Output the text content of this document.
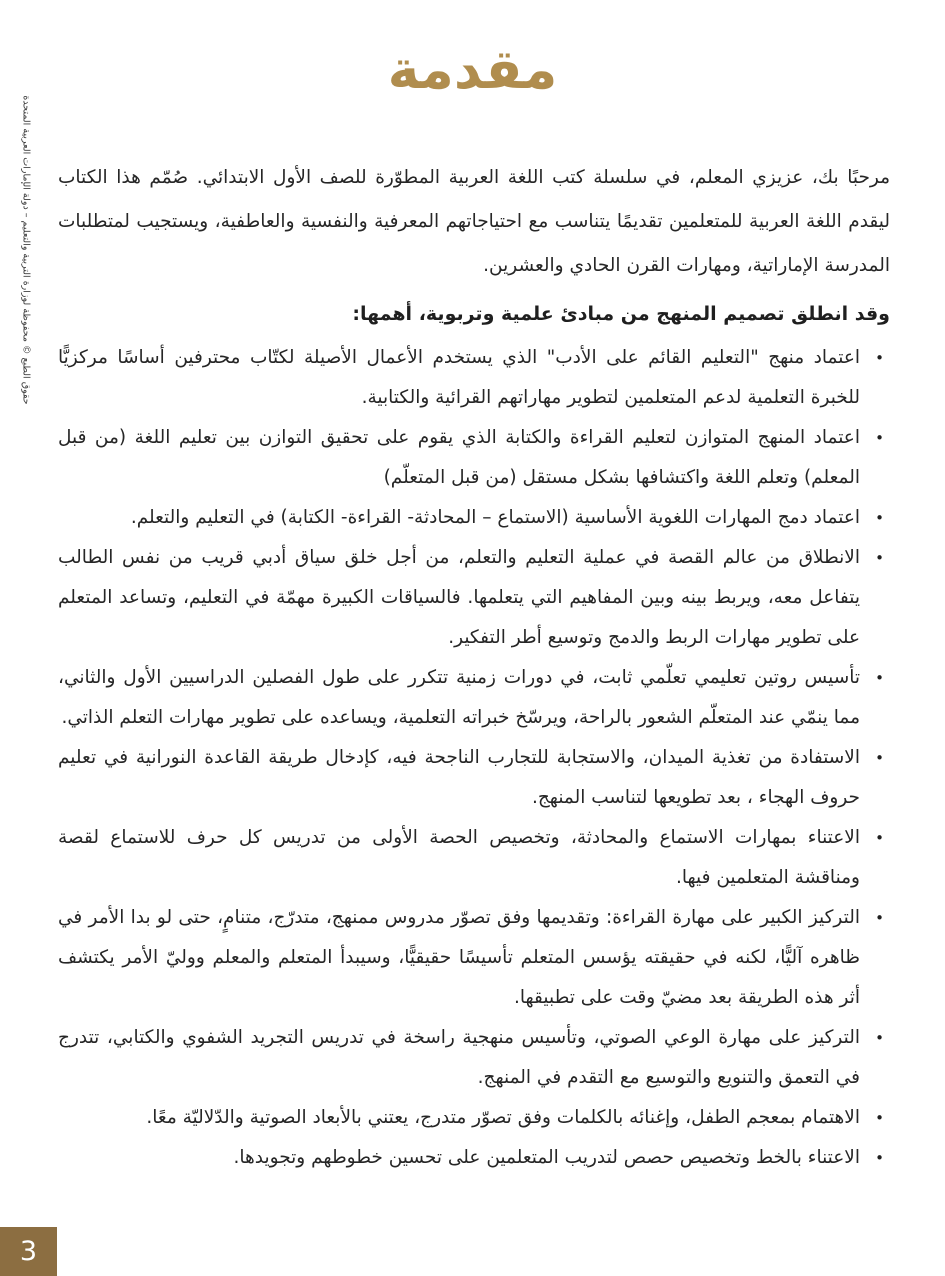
حقوق الطبع © محفوظة لوزارة التربية والتعليم – دولة الإمارات العربية المتحدة
مقدمة

مرحبًا بك، عزيزي المعلم، في سلسلة كتب اللغة العربية المطوّرة للصف الأول الابتدائي. صُمّم هذا الكتاب ليقدم اللغة العربية للمتعلمين تقديمًا يتناسب مع احتياجاتهم المعرفية والنفسية والعاطفية، ويستجيب لمتطلبات المدرسة الإماراتية، ومهارات القرن الحادي والعشرين.

وقد انطلق تصميم المنهج من مبادئ علمية وتربوية، أهمها:

• اعتماد منهج "التعليم القائم على الأدب" الذي يستخدم الأعمال الأصيلة لكتّاب محترفين أساسًا مركزيًّا للخبرة التعلمية لدعم المتعلمين لتطوير مهاراتهم القرائية والكتابية.
• اعتماد المنهج المتوازن لتعليم القراءة والكتابة الذي يقوم على تحقيق التوازن بين تعليم اللغة (من قبل المعلم) وتعلم اللغة واكتشافها بشكل مستقل (من قبل المتعلّم)
• اعتماد دمج المهارات اللغوية الأساسية (الاستماع – المحادثة- القراءة- الكتابة) في التعليم والتعلم.
• الانطلاق من عالم القصة في عملية التعليم والتعلم، من أجل خلق سياق أدبي قريب من نفس الطالب يتفاعل معه، ويربط بينه وبين المفاهيم التي يتعلمها. فالسياقات الكبيرة مهمّة في التعليم، وتساعد المتعلم على تطوير مهارات الربط والدمج وتوسيع أطر التفكير.
• تأسيس روتين تعليمي تعلّمي ثابت، في دورات زمنية تتكرر على طول الفصلين الدراسيين الأول والثاني، مما ينمّي عند المتعلّم الشعور بالراحة، ويرسّخ خبراته التعلمية، ويساعده على تطوير مهارات التعلم الذاتي.
• الاستفادة من تغذية الميدان، والاستجابة للتجارب الناجحة فيه، كإدخال طريقة القاعدة النورانية في تعليم حروف الهجاء ، بعد تطويعها لتناسب المنهج.
• الاعتناء بمهارات الاستماع والمحادثة، وتخصيص الحصة الأولى من تدريس كل حرف للاستماع لقصة ومناقشة المتعلمين فيها.
• التركيز الكبير على مهارة القراءة: وتقديمها وفق تصوّر مدروس ممنهج، متدرّج، متنامٍ، حتى لو بدا الأمر في ظاهره آليًّا، لكنه في حقيقته يؤسس المتعلم تأسيسًا حقيقيًّا، وسيبدأ المتعلم والمعلم ووليّ الأمر يكتشف أثر هذه الطريقة بعد مضيّ وقت على تطبيقها.
• التركيز على مهارة الوعي الصوتي، وتأسيس منهجية راسخة في تدريس التجريد الشفوي والكتابي، تتدرج في التعمق والتنويع والتوسيع مع التقدم في المنهج.
• الاهتمام بمعجم الطفل، وإغنائه بالكلمات وفق تصوّر متدرج، يعتني بالأبعاد الصوتية والدّلاليّة معًا.
• الاعتناء بالخط وتخصيص حصص لتدريب المتعلمين على تحسين خطوطهم وتجويدها.
3
